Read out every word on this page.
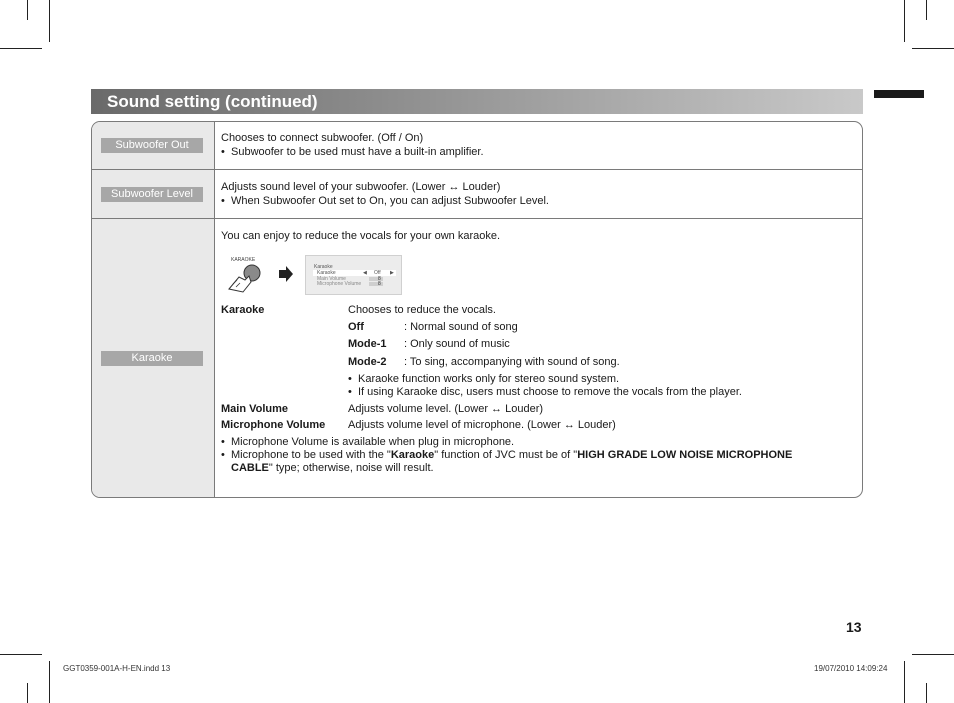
Sound setting (continued)
Subwoofer Out
Chooses to connect subwoofer. (Off / On)
• Subwoofer to be used must have a built-in amplifier.
Subwoofer Level
Adjusts sound level of your subwoofer. (Lower ↔ Louder)
• When Subwoofer Out set to On, you can adjust Subwoofer Level.
Karaoke
You can enjoy to reduce the vocals for your own karaoke.
KARAOKE
Karaoke
Karaoke	◀ Off ▶
Main Volume	8
Microphone Volume	8
Karaoke	Chooses to reduce the vocals.
Off	: Normal sound of song
Mode-1 : Only sound of music
Mode-2 : To sing, accompanying with sound of song.
• Karaoke function works only for stereo sound system.
• If using Karaoke disc, users must choose to remove the vocals from the player.
Main Volume	Adjusts volume level. (Lower ↔ Louder)
Microphone Volume Adjusts volume level of microphone. (Lower ↔ Louder)
• Microphone Volume is available when plug in microphone.
• Microphone to be used with the "Karaoke" function of JVC must be of "HIGH GRADE LOW NOISE MICROPHONE
CABLE" type; otherwise, noise will result.
13
GGT0359-001A-H-EN.indd 13	19/07/2010 14:09:24
